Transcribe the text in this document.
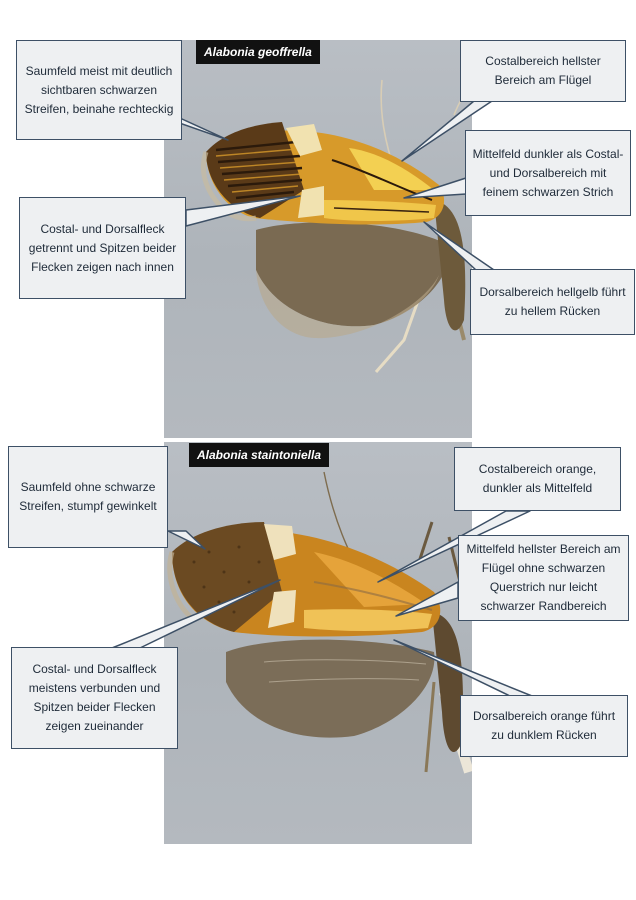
Alabonia geoffrella
Alabonia staintoniella
Saumfeld meist mit deutlich sichtbaren schwarzen Streifen, beinahe rechteckig
Costalbereich hellster Bereich am Flügel
Mittelfeld dunkler als Costal- und Dorsalbereich mit feinem schwarzen Strich
Costal- und Dorsalfleck getrennt und Spitzen beider Flecken zeigen nach innen
Dorsalbereich hellgelb führt zu hellem Rücken
Saumfeld ohne schwarze Streifen, stumpf gewinkelt
Costalbereich orange, dunkler als Mittelfeld
Mittelfeld hellster Bereich am Flügel ohne schwarzen Querstrich nur leicht schwarzer Randbereich
Costal- und Dorsalfleck meistens verbunden und Spitzen beider Flecken zeigen zueinander
Dorsalbereich orange führt zu dunklem Rücken
